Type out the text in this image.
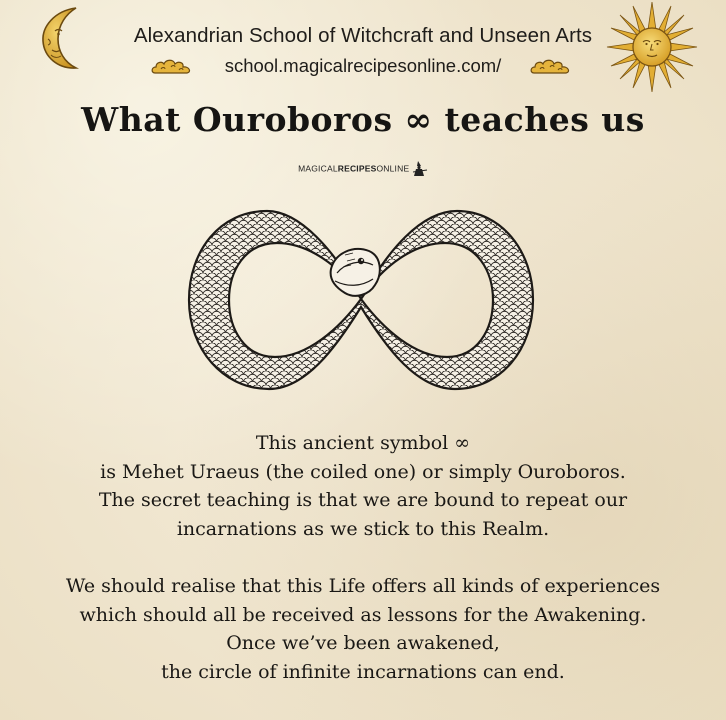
Alexandrian School of Witchcraft and Unseen Arts
school.magicalrecipesonline.com/
What Ouroboros ∞ teaches us
MAGICALRECIPESONLINE
This ancient symbol ∞
is Mehet Uraeus (the coiled one) or simply Ouroboros.
The secret teaching is that we are bound to repeat our
incarnations as we stick to this Realm.
We should realise that this Life offers all kinds of experiences
which should all be received as lessons for the Awakening.
Once we’ve been awakened,
the circle of infinite incarnations can end.
